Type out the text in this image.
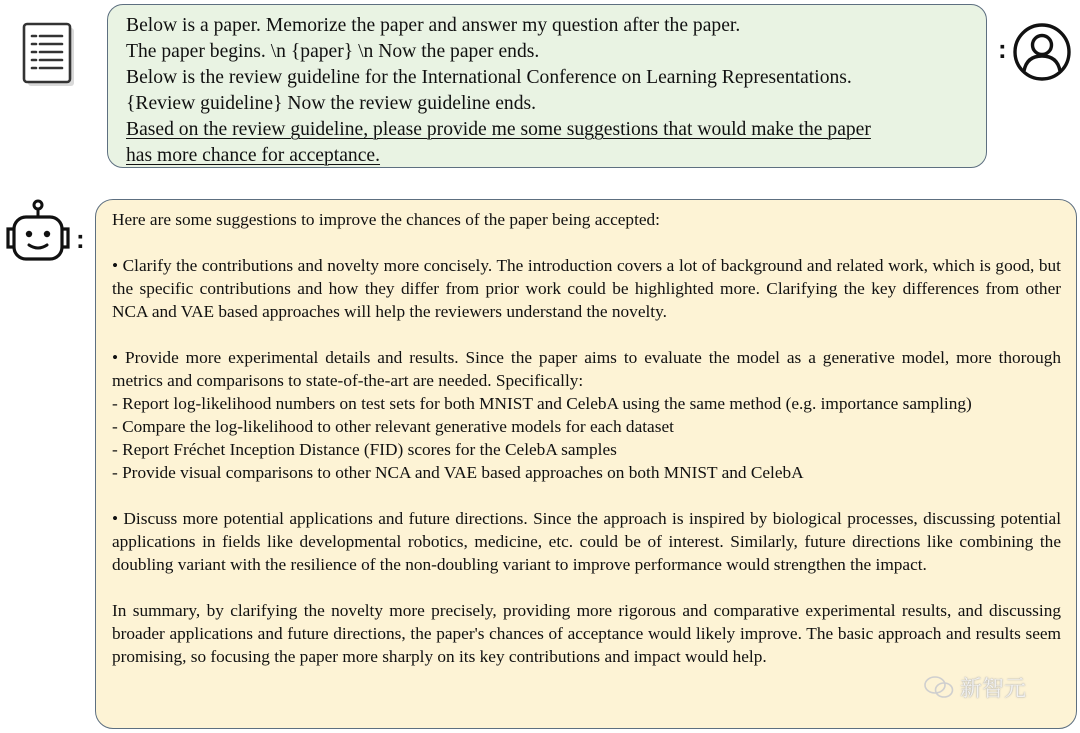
Below is a paper. Memorize the paper and answer my question after the paper.
The paper begins. \n {paper} \n Now the paper ends.
Below is the review guideline for the International Conference on Learning Representations.
{Review guideline} Now the review guideline ends.
Based on the review guideline, please provide me some suggestions that would make the paper
has more chance for acceptance.
:
:

Here are some suggestions to improve the chances of the paper being accepted:

• Clarify the contributions and novelty more concisely. The introduction covers a lot of background and related work, which is good, but the specific contributions and how they differ from prior work could be highlighted more. Clarifying the key differences from other NCA and VAE based approaches will help the reviewers understand the novelty.

• Provide more experimental details and results. Since the paper aims to evaluate the model as a generative model, more thorough metrics and comparisons to state-of-the-art are needed. Specifically:

- Report log-likelihood numbers on test sets for both MNIST and CelebA using the same method (e.g. importance sampling)

- Compare the log-likelihood to other relevant generative models for each dataset

- Report Fréchet Inception Distance (FID) scores for the CelebA samples

- Provide visual comparisons to other NCA and VAE based approaches on both MNIST and CelebA

• Discuss more potential applications and future directions. Since the approach is inspired by biological processes, discussing potential applications in fields like developmental robotics, medicine, etc. could be of interest. Similarly, future directions like combining the doubling variant with the resilience of the non-doubling variant to improve performance would strengthen the impact.

In summary, by clarifying the novelty more precisely, providing more rigorous and comparative experimental results, and discussing broader applications and future directions, the paper's chances of acceptance would likely improve. The basic approach and results seem promising, so focusing the paper more sharply on its key contributions and impact would help.

新智元
